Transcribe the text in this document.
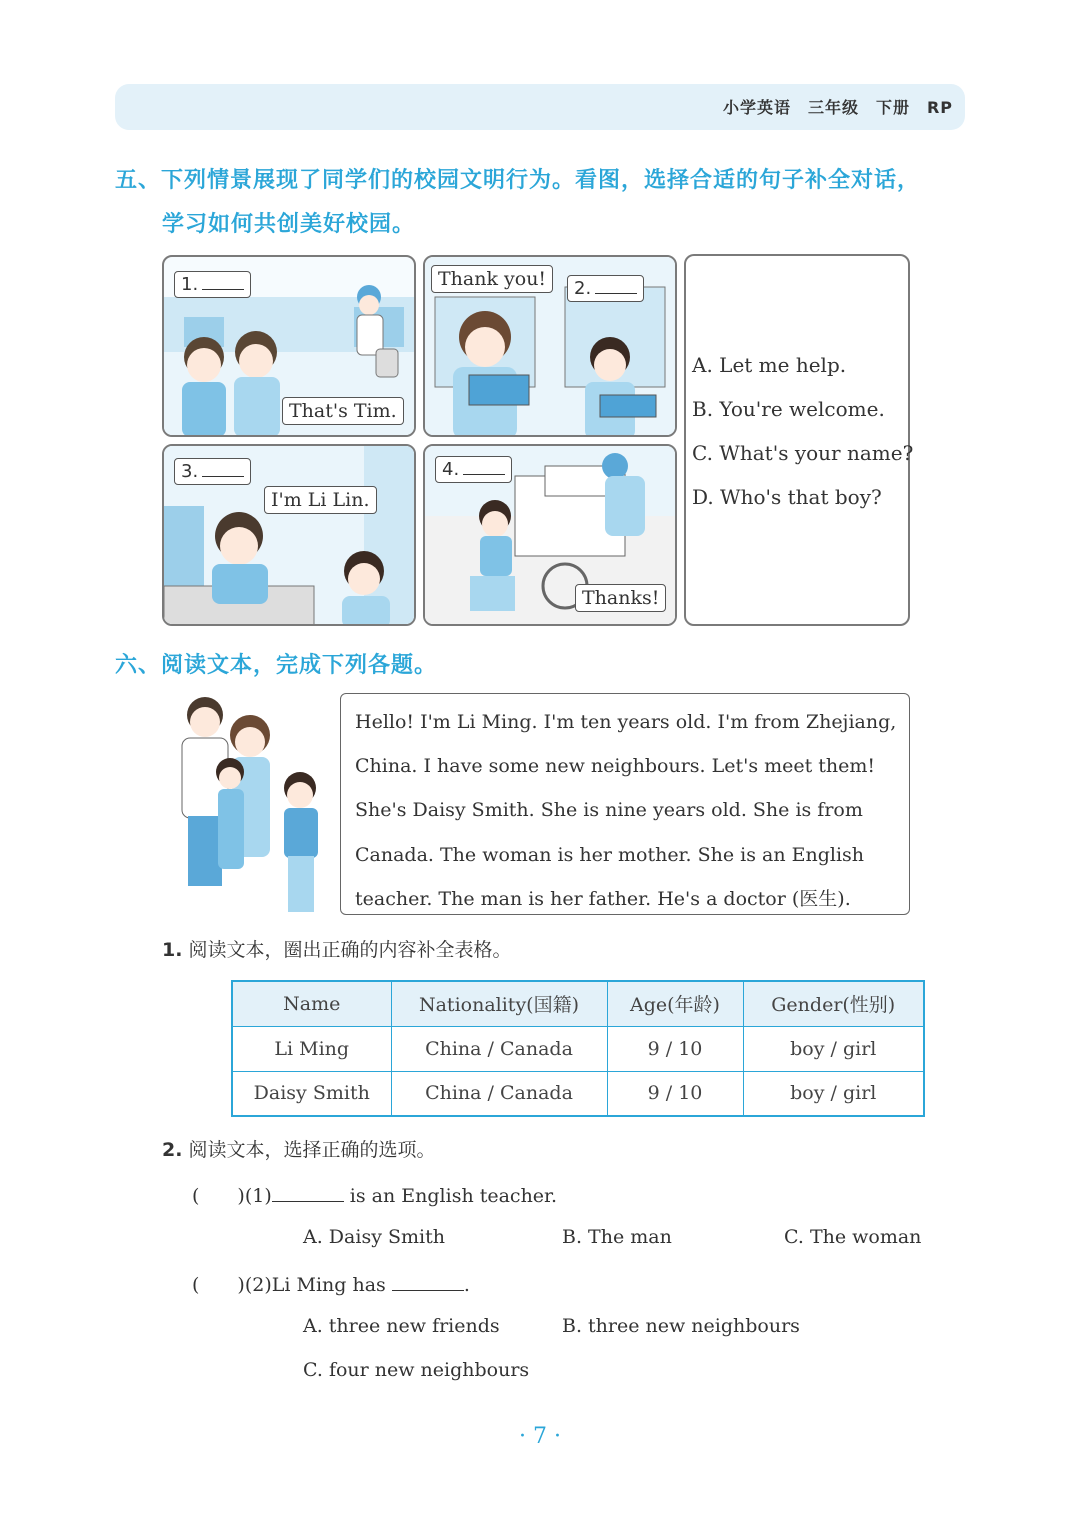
小学英语　三年级　下册　RP
五、下列情景展现了同学们的校园文明行为。看图，选择合适的句子补全对话，
学习如何共创美好校园。
1.
That's Tim.
Thank you!	2.
3.
I'm Li Lin.
4.
Thanks!
A. Let me help.
B. You're welcome.
C. What's your name?
D. Who's that boy?
六、阅读文本，完成下列各题。

Hello! I'm Li Ming. I'm ten years old. I'm from Zhejiang,

China. I have some new neighbours. Let's meet them!

She's Daisy Smith. She is nine years old. She is from

Canada. The woman is her mother. She is an English

teacher. The man is her father. He's a doctor (医生).

1. 阅读文本，圈出正确的内容补全表格。
Name	Nationality(国籍)	Age(年龄)	Gender(性别)
Li Ming	China / Canada	9 / 10	boy / girl
Daisy Smith	China / Canada	9 / 10	boy / girl
2. 阅读文本，选择正确的选项。
(　　)(1)	is an English teacher.
A. Daisy Smith	B. The man	C. The woman
(　　)(2)Li Ming has	.
A. three new friends	B. three new neighbours
C. four new neighbours
· 7 ·
